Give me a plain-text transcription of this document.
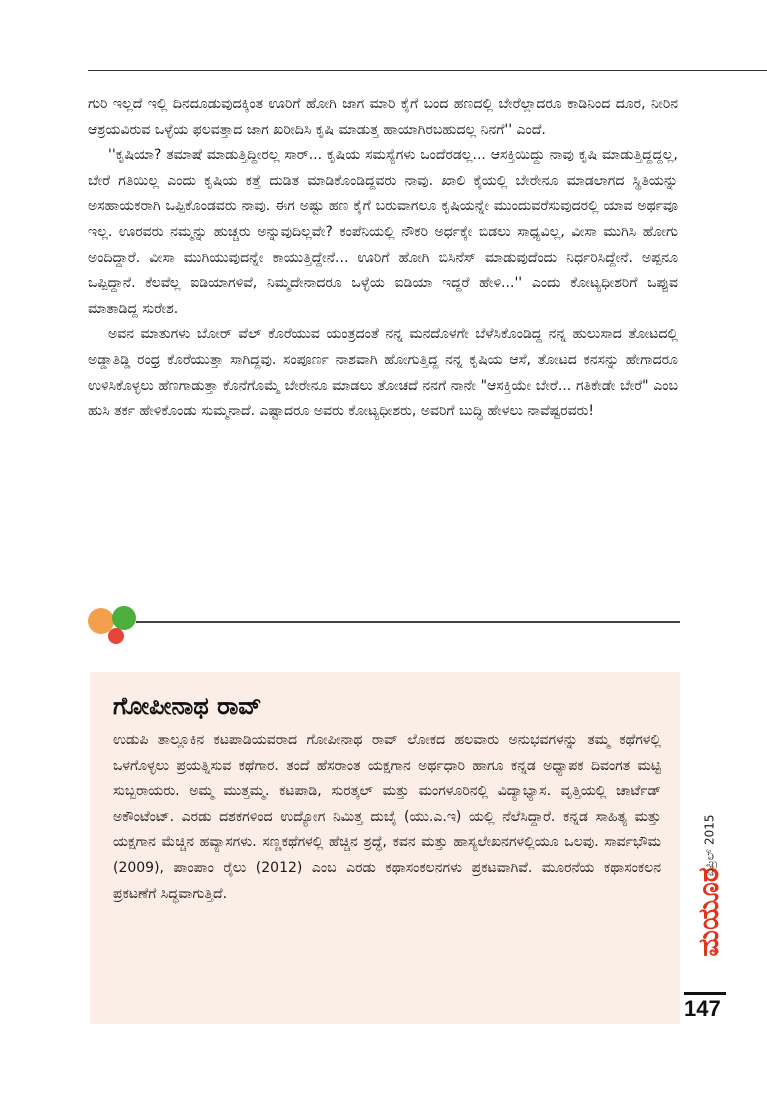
ಗುರಿ ಇಲ್ಲದೆ ಇಲ್ಲಿ ದಿನದೂಡುವುದಕ್ಕಿಂತ ಊರಿಗೆ ಹೋಗಿ ಜಾಗ ಮಾರಿ ಕೈಗೆ ಬಂದ ಹಣದಲ್ಲಿ ಬೇರೆಲ್ಲಾದರೂ ಕಾಡಿನಿಂದ ದೂರ, ನೀರಿನ ಆಶ್ರಯವಿರುವ ಒಳ್ಳೆಯ ಫಲವತ್ತಾದ ಜಾಗ ಖರೀದಿಸಿ ಕೃಷಿ ಮಾಡುತ್ತ ಹಾಯಾಗಿರಬಹುದಲ್ಲ ನಿನಗೆ'' ಎಂದೆ.

''ಕೃಷಿಯಾ? ತಮಾಷೆ ಮಾಡುತ್ತಿದ್ದೀರಲ್ಲ ಸಾರ್... ಕೃಷಿಯ ಸಮಸ್ಯೆಗಳು ಒಂದೆರಡಲ್ಲ... ಆಸಕ್ತಿಯಿದ್ದು ನಾವು ಕೃಷಿ ಮಾಡುತ್ತಿದ್ದದ್ದಲ್ಲ, ಬೇರೆ ಗತಿಯಿಲ್ಲ ಎಂದು ಕೃಷಿಯ ಕತ್ತೆ ದುಡಿತ ಮಾಡಿಕೊಂಡಿದ್ದವರು ನಾವು. ಖಾಲಿ ಕೈಯಲ್ಲಿ ಬೇರೇನೂ ಮಾಡಲಾಗದ ಸ್ಥಿತಿಯನ್ನು ಅಸಹಾಯಕರಾಗಿ ಒಪ್ಪಿಕೊಂಡವರು ನಾವು. ಈಗ ಅಷ್ಟು ಹಣ ಕೈಗೆ ಬರುವಾಗಲೂ ಕೃಷಿಯನ್ನೇ ಮುಂದುವರೆಸುವುದರಲ್ಲಿ ಯಾವ ಅರ್ಥವೂ ಇಲ್ಲ. ಊರವರು ನಮ್ಮನ್ನು ಹುಚ್ಚರು ಅನ್ನುವುದಿಲ್ಲವೇ? ಕಂಪೆನಿಯಲ್ಲಿ ನೌಕರಿ ಅರ್ಧಕ್ಕೇ ಬಿಡಲು ಸಾಧ್ಯವಿಲ್ಲ, ವೀಸಾ ಮುಗಿಸಿ ಹೋಗು ಅಂದಿದ್ದಾರೆ. ವೀಸಾ ಮುಗಿಯುವುದನ್ನೇ ಕಾಯುತ್ತಿದ್ದೇನೆ... ಊರಿಗೆ ಹೋಗಿ ಬಿಸಿನೆಸ್ ಮಾಡುವುದೆಂದು ನಿರ್ಧರಿಸಿದ್ದೇನೆ. ಅಪ್ಪನೂ ಒಪ್ಪಿದ್ದಾನೆ. ಕೆಲವೆಲ್ಲ ಐಡಿಯಾಗಳಿವೆ, ನಿಮ್ಮದೇನಾದರೂ ಒಳ್ಳೆಯ ಐಡಿಯಾ ಇದ್ದರೆ ಹೇಳಿ...'' ಎಂದು ಕೋಟ್ಯಧೀಶರಿಗೆ ಒಪ್ಪುವ ಮಾತಾಡಿದ್ದ ಸುರೇಶ.

ಅವನ ಮಾತುಗಳು ಬೋರ್ ವೆಲ್ ಕೊರೆಯುವ ಯಂತ್ರದಂತೆ ನನ್ನ ಮನದೊಳಗೇ ಬೆಳೆಸಿಕೊಂಡಿದ್ದ ನನ್ನ ಹುಲುಸಾದ ತೋಟದಲ್ಲಿ ಅಡ್ಡಾತಿಡ್ಡಿ ರಂಧ್ರ ಕೊರೆಯುತ್ತಾ ಸಾಗಿದ್ದವು. ಸಂಪೂರ್ಣ ನಾಶವಾಗಿ ಹೋಗುತ್ತಿದ್ದ ನನ್ನ ಕೃಷಿಯ ಆಸೆ, ತೋಟದ ಕನಸನ್ನು ಹೇಗಾದರೂ ಉಳಿಸಿಕೊಳ್ಳಲು ಹೆಣಗಾಡುತ್ತಾ ಕೊನೆಗೊಮ್ಮೆ ಬೇರೇನೂ ಮಾಡಲು ತೋಚದೆ ನನಗೆ ನಾನೇ "ಆಸಕ್ತಿಯೇ ಬೇರೆ... ಗತಿಕೇಡೇ ಬೇರೆ" ಎಂಬ ಹುಸಿ ತರ್ಕ ಹೇಳಿಕೊಂಡು ಸುಮ್ಮನಾದೆ. ಎಷ್ಟಾದರೂ ಅವರು ಕೋಟ್ಯಧೀಶರು, ಅವರಿಗೆ ಬುದ್ಧಿ ಹೇಳಲು ನಾವೆಷ್ಟರವರು!

ಗೋಪೀನಾಥ ರಾವ್
ಉಡುಪಿ ತಾಲ್ಲೂಕಿನ ಕಟಪಾಡಿಯವರಾದ ಗೋಪೀನಾಥ ರಾವ್ ಲೋಕದ ಹಲವಾರು ಅನುಭವಗಳನ್ನು ತಮ್ಮ ಕಥೆಗಳಲ್ಲಿ ಒಳಗೊಳ್ಳಲು ಪ್ರಯತ್ನಿಸುವ ಕಥೆಗಾರ. ತಂದೆ ಹೆಸರಾಂತ ಯಕ್ಷಗಾನ ಅರ್ಥಧಾರಿ ಹಾಗೂ ಕನ್ನಡ ಅಧ್ಯಾಪಕ ದಿವಂಗತ ಮಟ್ಟಿ ಸುಬ್ಬರಾಯರು. ಅಮ್ಮ ಮುತ್ತಮ್ಮ. ಕಟಪಾಡಿ, ಸುರತ್ಕಲ್ ಮತ್ತು ಮಂಗಳೂರಿನಲ್ಲಿ ವಿದ್ಯಾಭ್ಯಾಸ. ವೃತ್ತಿಯಲ್ಲಿ ಚಾರ್ಟೆಡ್ ಅಕೌಂಟೆಂಟ್. ಎರಡು ದಶಕಗಳಿಂದ ಉದ್ಯೋಗ ನಿಮಿತ್ತ ದುಬೈ (ಯು.ಎ.ಇ) ಯಲ್ಲಿ ನೆಲೆಸಿದ್ದಾರೆ. ಕನ್ನಡ ಸಾಹಿತ್ಯ ಮತ್ತು ಯಕ್ಷಗಾನ ಮೆಚ್ಚಿನ ಹವ್ಯಾಸಗಳು. ಸಣ್ಣಕಥೆಗಳಲ್ಲಿ ಹೆಚ್ಚಿನ ಶ್ರದ್ಧೆ, ಕವನ ಮತ್ತು ಹಾಸ್ಯಲೇಖನಗಳಲ್ಲಿಯೂ ಒಲವು. ಸಾರ್ವಭೌಮ (2009), ಪಾಂಪಾಂ ರೈಲು (2012) ಎಂಬ ಎರಡು ಕಥಾಸಂಕಲನಗಳು ಪ್ರಕಟವಾಗಿವೆ. ಮೂರನೆಯ ಕಥಾಸಂಕಲನ ಪ್ರಕಟಣೆಗೆ ಸಿದ್ಧವಾಗುತ್ತಿದೆ.	ಮಯೂರ
ಏಪ್ರಿಲ್ 2015
147
